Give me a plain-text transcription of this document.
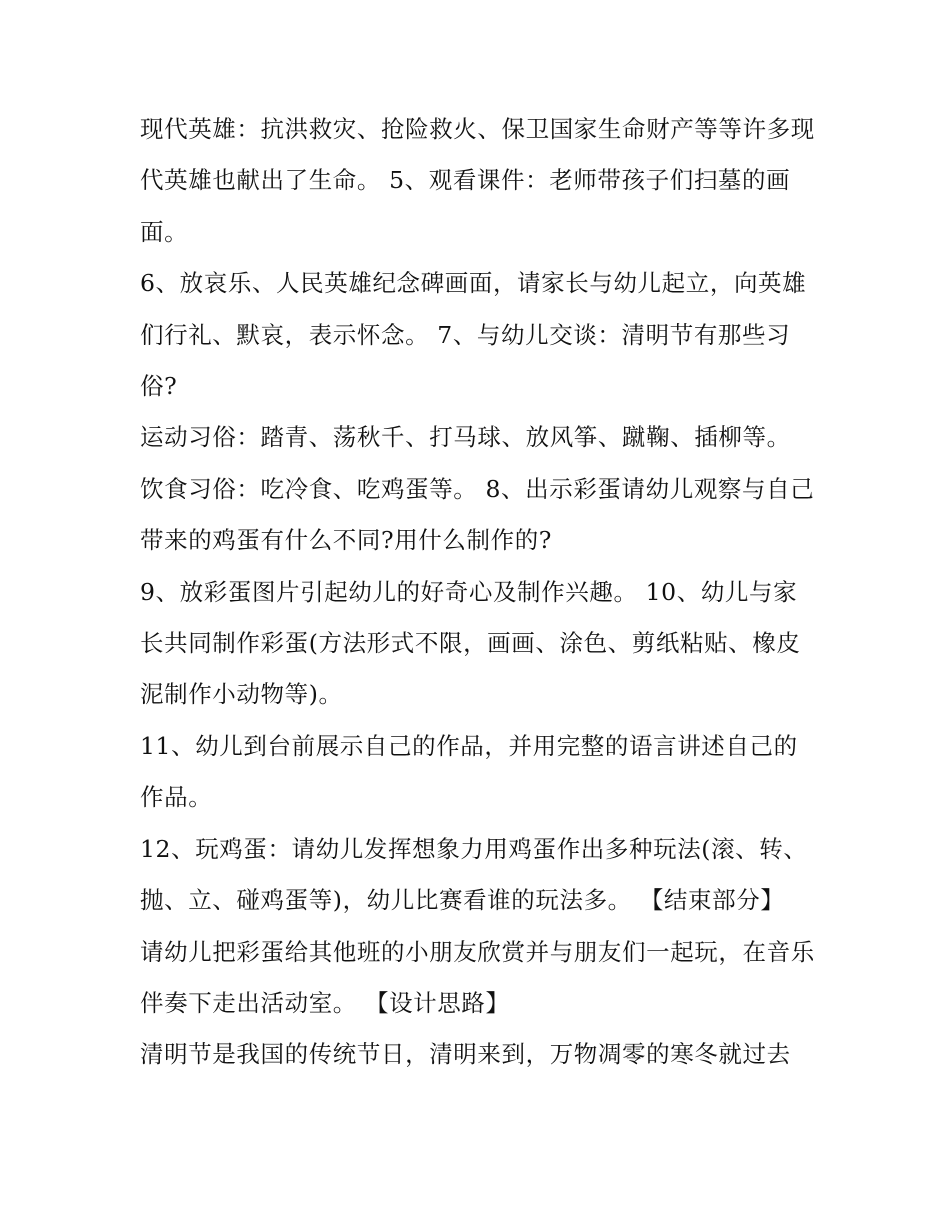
现代英雄：抗洪救灾、抢险救火、保卫国家生命财产等等许多现代英雄也献出了生命。 5、观看课件：老师带孩子们扫墓的画面。

6、放哀乐、人民英雄纪念碑画面，请家长与幼儿起立，向英雄们行礼、默哀，表示怀念。 7、与幼儿交谈：清明节有那些习俗?

运动习俗：踏青、荡秋千、打马球、放风筝、蹴鞠、插柳等。

饮食习俗：吃冷食、吃鸡蛋等。 8、出示彩蛋请幼儿观察与自己带来的鸡蛋有什么不同?用什么制作的?

9、放彩蛋图片引起幼儿的好奇心及制作兴趣。 10、幼儿与家长共同制作彩蛋(方法形式不限，画画、涂色、剪纸粘贴、橡皮泥制作小动物等)。

11、幼儿到台前展示自己的作品，并用完整的语言讲述自己的作品。

12、玩鸡蛋：请幼儿发挥想象力用鸡蛋作出多种玩法(滚、转、抛、立、碰鸡蛋等)，幼儿比赛看谁的玩法多。 【结束部分】

请幼儿把彩蛋给其他班的小朋友欣赏并与朋友们一起玩，在音乐伴奏下走出活动室。 【设计思路】

清明节是我国的传统节日，清明来到，万物凋零的寒冬就过去
